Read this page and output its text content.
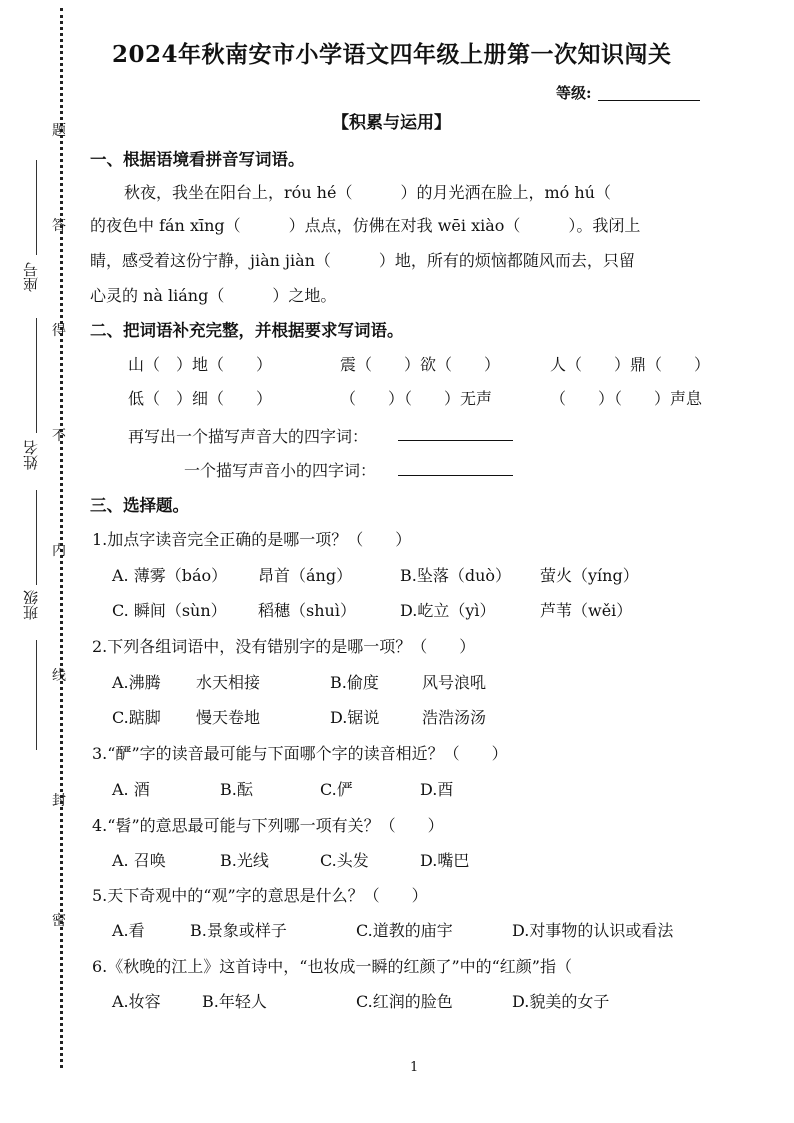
座号
姓名
班级
题
答
得
不
内
线
封
密
2024年秋南安市小学语文四年级上册第一次知识闯关
等级:
【积累与运用】
一、根据语境看拼音写词语。
秋夜，我坐在阳台上，róu hé（　　　）的月光洒在脸上，mó hú（
的夜色中 fán xīng（　　　）点点，仿佛在对我 wēi xiào（　　　）。我闭上
睛，感受着这份宁静，jiàn jiàn（　　　）地，所有的烦恼都随风而去，只留
心灵的 nà liáng（　　　）之地。
二、把词语补充完整，并根据要求写词语。
山（　）地（　　）	震（　　）欲（　　）	人（　　）鼎（　　）
低（　）细（　　）	（　　）（　　）无声	（　　）（　　）声息
再写出一个描写声音大的四字词：
一个描写声音小的四字词：
三、选择题。
1.加点字读音完全正确的是哪一项？（　　）
A. 薄雾（báo） 昂首（áng）	B.坠落（duò） 萤火（yíng）
C. 瞬间（sùn） 稻穗（shuì）	D.屹立（yì）	芦苇（wěi）
2.下列各组词语中，没有错别字的是哪一项？（　　）
A.沸腾 水天相接	B.偷度	风号浪吼
C.踮脚 慢天卷地	D.锯说	浩浩汤汤
3.“酽”字的读音最可能与下面哪个字的读音相近？（　　）
A. 酒	B.酝	C.俨	D.酉
4.“髫”的意思最可能与下列哪一项有关？（　　）
A. 召唤	B.光线	C.头发	D.嘴巴
5.天下奇观中的“观”字的意思是什么？（　　）
A.看	B.景象或样子	C.道教的庙宇	D.对事物的认识或看法
6.《秋晚的江上》这首诗中，“也妆成一瞬的红颜了”中的“红颜”指（
A.妆容	B.年轻人	C.红润的脸色	D.貌美的女子
1
